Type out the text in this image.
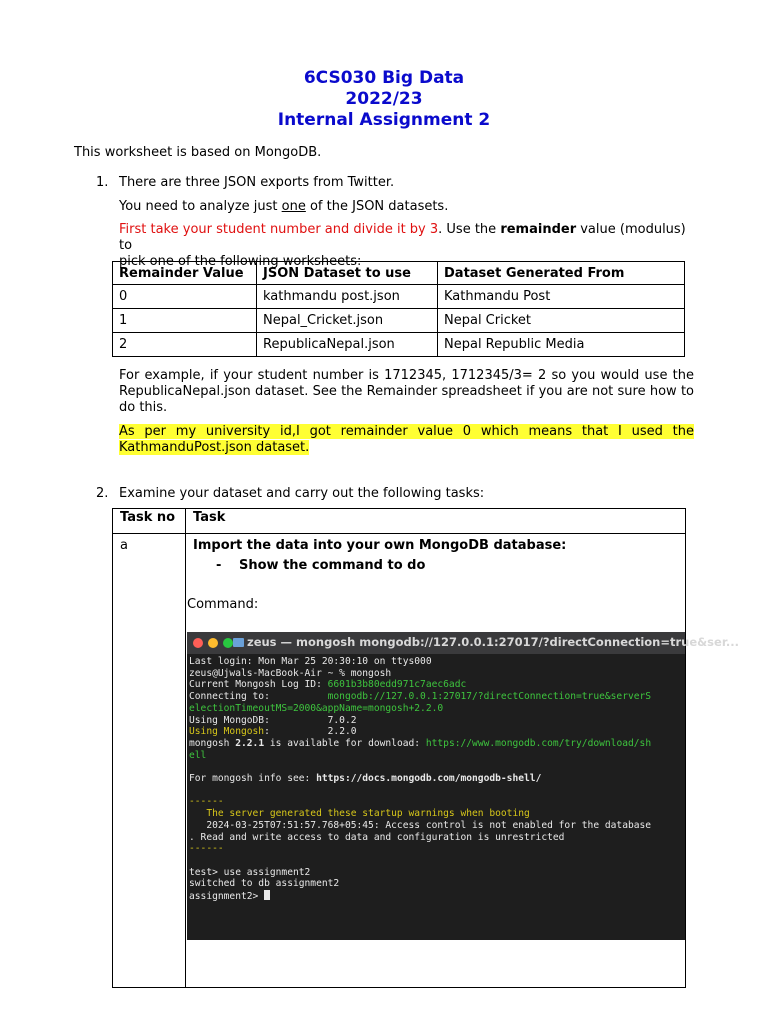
6CS030 Big Data
2022/23
Internal Assignment 2
This worksheet is based on MongoDB.
1. There are three JSON exports from Twitter.
You need to analyze just one of the JSON datasets.
First take your student number and divide it by 3. Use the remainder value (modulus) to
pick one of the following worksheets:
Remainder Value	JSON Dataset to use	Dataset Generated From
0	kathmandu post.json	Kathmandu Post
1	Nepal_Cricket.json	Nepal Cricket
2	RepublicaNepal.json	Nepal Republic Media
For example, if your student number is 1712345, 1712345/3= 2 so you would use the RepublicaNepal.json dataset. See the Remainder spreadsheet if you are not sure how to do this.
As per my university id,I got remainder value 0 which means that I used the KathmanduPost.json dataset.
2. Examine your dataset and carry out the following tasks:
Task no Task
a	Import the data into your own MongoDB database:
- Show the command to do
Command:
zeus — mongosh mongodb://127.0.0.1:27017/?directConnection=true&ser...
Last login: Mon Mar 25 20:30:10 on ttys000
zeus@Ujwals-MacBook-Air ~ % mongosh
Current Mongosh Log ID: 6601b3b80edd971c7aec6adc
Connecting to:          mongodb://127.0.0.1:27017/?directConnection=true&serverS
electionTimeoutMS=2000&appName=mongosh+2.2.0
Using MongoDB:          7.0.2
Using Mongosh:          2.2.0
mongosh 2.2.1 is available for download: https://www.mongodb.com/try/download/sh
ell

For mongosh info see: https://docs.mongodb.com/mongodb-shell/

------
The server generated these startup warnings when booting
2024-03-25T07:51:57.768+05:45: Access control is not enabled for the database
. Read and write access to data and configuration is unrestricted
------

test> use assignment2
switched to db assignment2
assignment2>
